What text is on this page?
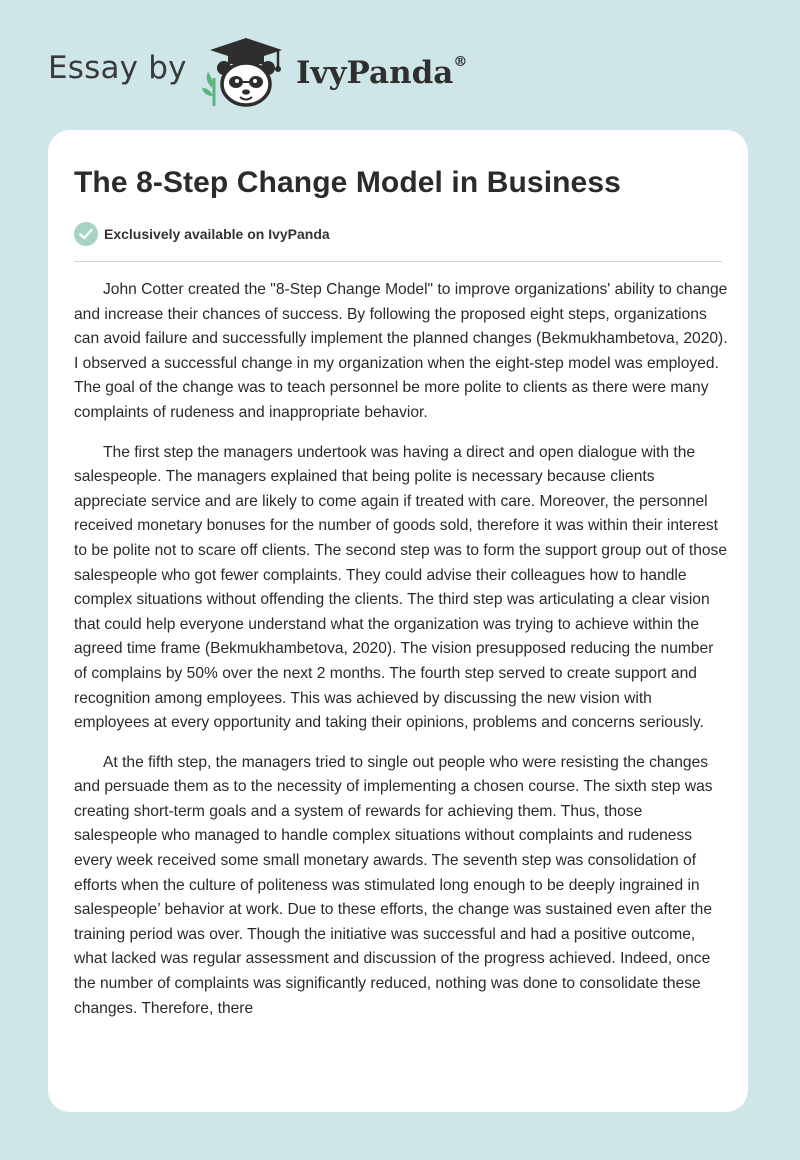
Essay by	IvyPanda®
The 8-Step Change Model in Business
Exclusively available on IvyPanda

John Cotter created the "8-Step Change Model" to improve organizations' ability to change and increase their chances of success. By following the proposed eight steps, organizations can avoid failure and successfully implement the planned changes (Bekmukhambetova, 2020). I observed a successful change in my organization when the eight-step model was employed. The goal of the change was to teach personnel be more polite to clients as there were many complaints of rudeness and inappropriate behavior.

The first step the managers undertook was having a direct and open dialogue with the salespeople. The managers explained that being polite is necessary because clients appreciate service and are likely to come again if treated with care. Moreover, the personnel received monetary bonuses for the number of goods sold, therefore it was within their interest to be polite not to scare off clients. The second step was to form the support group out of those salespeople who got fewer complaints. They could advise their colleagues how to handle complex situations without offending the clients. The third step was articulating a clear vision that could help everyone understand what the organization was trying to achieve within the agreed time frame (Bekmukhambetova, 2020). The vision presupposed reducing the number of complains by 50% over the next 2 months. The fourth step served to create support and recognition among employees. This was achieved by discussing the new vision with employees at every opportunity and taking their opinions, problems and concerns seriously.

At the fifth step, the managers tried to single out people who were resisting the changes and persuade them as to the necessity of implementing a chosen course. The sixth step was creating short-term goals and a system of rewards for achieving them. Thus, those salespeople who managed to handle complex situations without complaints and rudeness every week received some small monetary awards. The seventh step was consolidation of efforts when the culture of politeness was stimulated long enough to be deeply ingrained in salespeople’ behavior at work. Due to these efforts, the change was sustained even after the training period was over. Though the initiative was successful and had a positive outcome, what lacked was regular assessment and discussion of the progress achieved. Indeed, once the number of complaints was significantly reduced, nothing was done to consolidate these changes. Therefore, there
